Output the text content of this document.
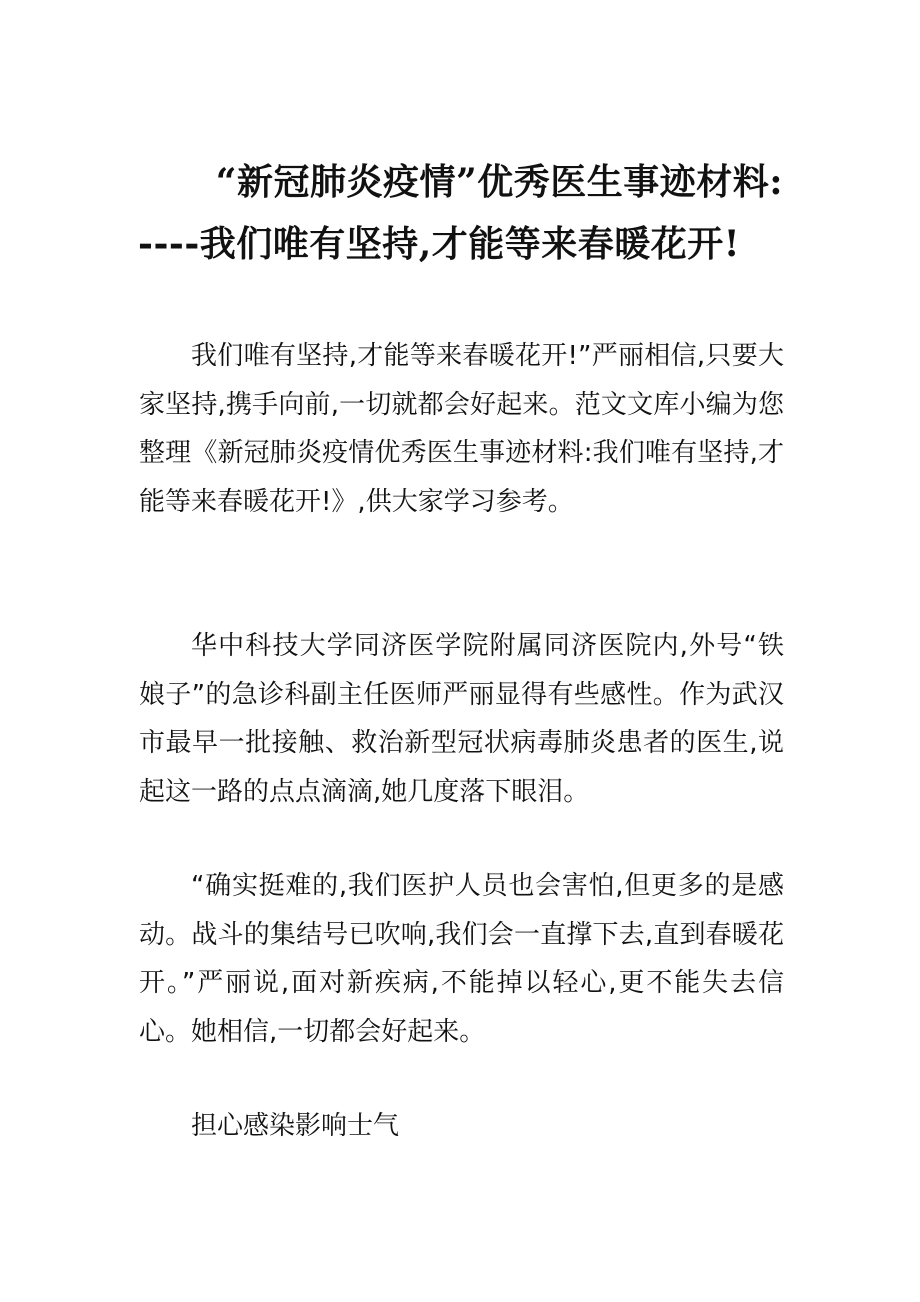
“新冠肺炎疫情”优秀医生事迹材料:
----我们唯有坚持,才能等来春暖花开!

我们唯有坚持,才能等来春暖花开!”严丽相信,只要大家坚持,携手向前,一切就都会好起来。范文文库小编为您整理《新冠肺炎疫情优秀医生事迹材料:我们唯有坚持,才能等来春暖花开!》,供大家学习参考。

华中科技大学同济医学院附属同济医院内,外号“铁娘子”的急诊科副主任医师严丽显得有些感性。作为武汉市最早一批接触、救治新型冠状病毒肺炎患者的医生,说起这一路的点点滴滴,她几度落下眼泪。

“确实挺难的,我们医护人员也会害怕,但更多的是感动。战斗的集结号已吹响,我们会一直撑下去,直到春暖花开。”严丽说,面对新疾病,不能掉以轻心,更不能失去信心。她相信,一切都会好起来。

担心感染影响士气
